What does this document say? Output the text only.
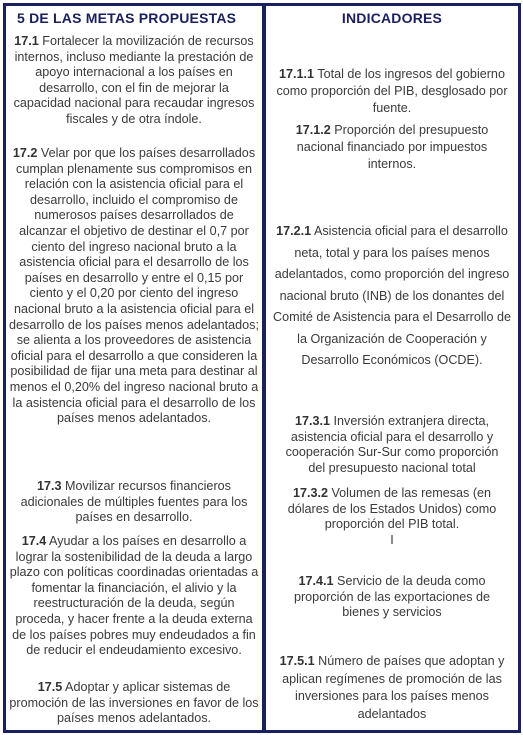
5 DE LAS METAS PROPUESTAS

17.1 Fortalecer la movilización de recursos internos, incluso mediante la prestación de apoyo internacional a los países en desarrollo, con el fin de mejorar la capacidad nacional para recaudar ingresos fiscales y de otra índole.

17.2 Velar por que los países desarrollados cumplan plenamente sus compromisos en relación con la asistencia oficial para el desarrollo, incluido el compromiso de numerosos países desarrollados de alcanzar el objetivo de destinar el 0,7 por ciento del ingreso nacional bruto a la asistencia oficial para el desarrollo de los países en desarrollo y entre el 0,15 por ciento y el 0,20 por ciento del ingreso nacional bruto a la asistencia oficial para el desarrollo de los países menos adelantados; se alienta a los proveedores de asistencia oficial para el desarrollo a que consideren la posibilidad de fijar una meta para destinar al menos el 0,20% del ingreso nacional bruto a la asistencia oficial para el desarrollo de los países menos adelantados.

17.3 Movilizar recursos financieros adicionales de múltiples fuentes para los países en desarrollo.

17.4 Ayudar a los países en desarrollo a lograr la sostenibilidad de la deuda a largo plazo con políticas coordinadas orientadas a fomentar la financiación, el alivio y la reestructuración de la deuda, según proceda, y hacer frente a la deuda externa de los países pobres muy endeudados a fin de reducir el endeudamiento excesivo.

17.5 Adoptar y aplicar sistemas de promoción de las inversiones en favor de los países menos adelantados.

INDICADORES

17.1.1 Total de los ingresos del gobierno como proporción del PIB, desglosado por fuente.

17.1.2 Proporción del presupuesto nacional financiado por impuestos internos.

17.2.1 Asistencia oficial para el desarrollo neta, total y para los países menos adelantados, como proporción del ingreso nacional bruto (INB) de los donantes del Comité de Asistencia para el Desarrollo de la Organización de Cooperación y Desarrollo Económicos (OCDE).

17.3.1 Inversión extranjera directa, asistencia oficial para el desarrollo y cooperación Sur-Sur como proporción del presupuesto nacional total

17.3.2 Volumen de las remesas (en dólares de los Estados Unidos) como proporción del PIB total.

I

17.4.1 Servicio de la deuda como proporción de las exportaciones de bienes y servicios

17.5.1 Número de países que adoptan y aplican regímenes de promoción de las inversiones para los países menos adelantados
